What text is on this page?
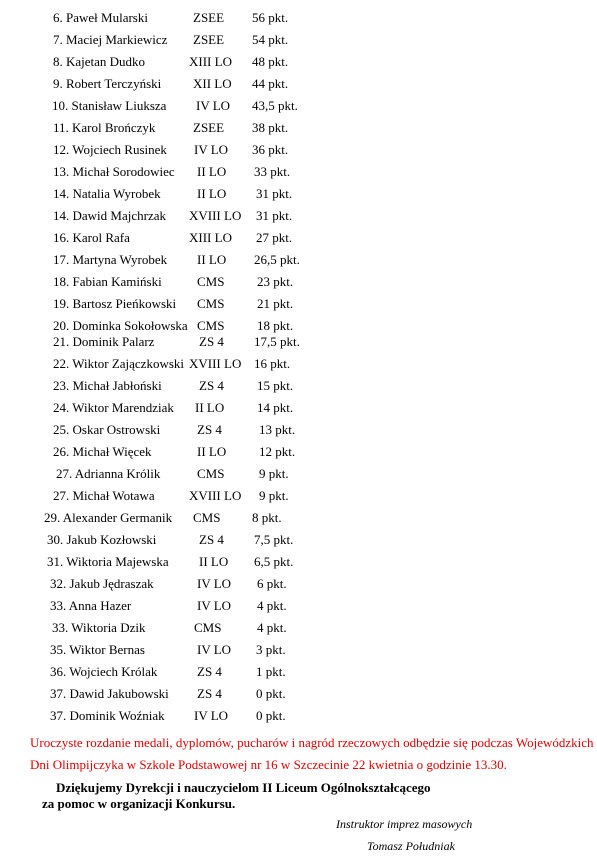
6. Paweł Mularski	ZSEE 56 pkt.
7. Maciej Markiewicz ZSEE 54 pkt.
8. Kajetan Dudko	XIII LO 48 pkt.
9. Robert Terczyński XII LO 44 pkt.
10. Stanisław Liuksza IV LO 43,5 pkt.
11. Karol Brończyk	ZSEE 38 pkt.
12. Wojciech Rusinek IV LO 36 pkt.
13. Michał Sorodowiec II LO 33 pkt.
14. Natalia Wyrobek	II LO 31 pkt.
14. Dawid Majchrzak XVIII LO 31 pkt.
16. Karol Rafa	XIII LO 27 pkt.
17. Martyna Wyrobek II LO 26,5 pkt.
18. Fabian Kamiński	CMS	23 pkt.
19. Bartosz Pieńkowski CMS	21 pkt.
20. Dominka Sokołowska CMS	18 pkt.
21. Dominik Palarz	ZS 4 17,5 pkt.
22. Wiktor Zajączkowski XVIII LO 16 pkt.
23. Michał Jabłoński	ZS 4	15 pkt.
24. Wiktor Marendziak II LO	14 pkt.
25. Oskar Ostrowski	ZS 4	13 pkt.
26. Michał Więcek	II LO	12 pkt.
27. Adrianna Królik	CMS	9 pkt.
27. Michał Wotawa	XVIII LO 9 pkt.
29. Alexander Germanik CMS 8 pkt.
30. Jakub Kozłowski	ZS 4 7,5 pkt.
31. Wiktoria Majewska II LO 6,5 pkt.
32. Jakub Jędraszak	IV LO 6 pkt.
33. Anna Hazer	IV LO 4 pkt.
33. Wiktoria Dzik	CMS	4 pkt.
35. Wiktor Bernas	IV LO 3 pkt.
36. Wojciech Królak	ZS 4	1 pkt.
37. Dawid Jakubowski ZS 4	0 pkt.
37. Dominik Woźniak IV LO 0 pkt.
Uroczyste rozdanie medali, dyplomów, pucharów i nagród rzeczowych odbędzie się podczas Wojewódzkich
Dni Olimpijczyka w Szkole Podstawowej nr 16 w Szczecinie 22 kwietnia o godzinie 13.30.
Dziękujemy Dyrekcji i nauczycielom II Liceum Ogólnokształcącego
za pomoc w organizacji Konkursu.
Instruktor imprez masowych
Tomasz Południak
